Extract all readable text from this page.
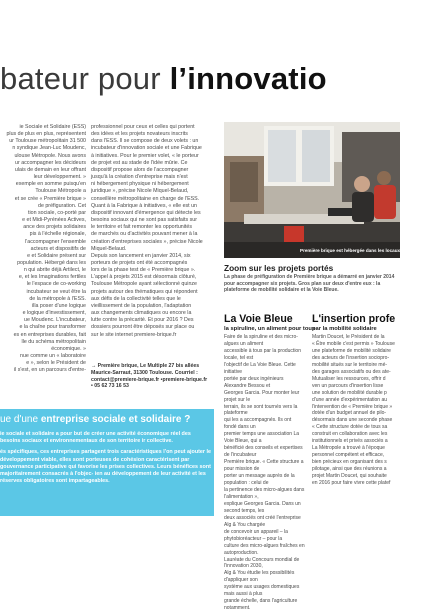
bateur pour l’innovatio

ie Sociale et Solidaire (ESS)

plus de plus en plus, représentent

ur Toulouse métropolitain 31 500

n syndique Jean-Luc Moudenc,

ulouse Métropole. Nous avons

ur accompagner les décideurs

ulais de demain en leur offrant

leur développement. »

exemple en somme puisqu'en

Toulouse Métropole a

et se crée « Première brique »

de préfiguration. Cet

tion sociale, co-porté par

e et Midi-Pyrénées Actives,

ance des projets solidaires

pis à l'échelle régionale,

l'accompagner l'ensemble

acteurs et dispositifs de

e et Solidaire présent sur

population. Hébergé dans les

n qui abrite déjà Artilect, le

e, et les Imaginations fertiles

le l'espace de co-working

incubateur se veut être la

de la métropole à l'ESS.

illa poser d'une logique

e logique d'investissement,

ue Moudenc. L'incubateur,

e la chaîne pour transformer

es en entreprises durables, fait

lle du schéma métropolitain

économique. »

nue comme un « laboratoire

e », selon le Président de

il s'est, en un parcours d'entre-

professionnel pour ceux et celles qui portent

des idées et les projets novateurs inscrits

dans l'ESS. Il se compose de deux volets : un

incubateur d'innovation sociale et une Fabrique

à initiatives. Pour le premier volet, « le porteur

de projet est au stade de l'idée mûrie. Ce

dispositif propose alors de l'accompagner

jusqu'à la création d'entreprise mais n'est

ni hébergement physique ni hébergement

juridique », précise Nicole Miquel-Belaud,

conseillère métropolitaine en charge de l'ESS.

Quant à la Fabrique à initiatives, « elle est un

dispositif innovant d'émergence qui détecte les

besoins sociaux qui ne sont pas satisfaits sur

le territoire et fait remonter les opportunités

de marchés ou d'activités pouvant mener à la

création d'entreprises sociales », précise Nicole

Miquel-Belaud.

Depuis son lancement en janvier 2014, six

porteurs de projets ont été accompagnés

lors de la phase test de « Première brique ».

L'appel à projets 2015 est désormais clôturé,

Toulouse Métropole ayant sélectionné quinze

projets autour des thématiques qui répondent

aux défis de la collectivité telles que le

vieillissement de la population, l'adaptation

aux changements climatiques ou encore la

lutte contre la précarité. Et pour 2016 ? Des

dossiers pourront être déposés sur place ou

sur le site internet premiere-brique.fr

→ Première brique, Le Multiple 27 bis allées Maurice-Sarraut, 31300 Toulouse. Courriel : contact@premiere-brique.fr •premiere-brique.fr • 05 62 73 16 53
Première brique est hébergée dans les locaux du Multiple.
Zoom sur les projets portés
La phase de préfiguration de Première brique a démarré en janvier 2014 pour accompagner six projets. Gros plan sur deux d'entre eux : la plateforme de mobilité solidaire et la Voie Bleue.
La Voie Bleue
la spiruline, un aliment pour tous

Faire de la spiruline et des micro-algues un aliment

accessible à tous par la production locale, tel est

l'objectif de La Voie Bleue. Cette initiative

portée par deux ingénieurs Alexandre Bessou et

Georges Garcia. Pour monter leur projet sur le

terrain, ils se sont tournés vers la plateforme

qui les a accompagnés. Ils ont fondé dans un

premier temps une association La Voie Bleue, qui a

bénéficié des conseils et expertises de l'incubateur

Première brique. « Cette structure a pour mission de

porter un message auprès de la population : celui de

la pertinence des micro-algues dans l'alimentation »,

explique Georges Garcia. Dans un second temps, les

deux associés ont créé l'entreprise Alg & You chargée

de concevoir un appareil – la phytobioréacteur – pour la

culture des micro-algues fraîches en autoproduction.

Lauréate du Concours mondial de l'innovation 2030,

Alg & You étudie les possibilités d'appliquer son

système aux usages domestiques mais aussi à plus

grande échelle, dans l'agriculture notamment.

L'insertion profe
par la mobilité solidaire

Martin Doucet, le Président de la

« Être mobile c'est permis » Toulouse

une plateforme de mobilité solidaire

des acteurs de l'insertion sociopro-

mobilité situés sur le territoire mé-

des garages associatifs ou des ate-

Mutualiser les ressources, offrir d

ven un parcours d'insertion lisse

une solution de mobilité durable p

d'une année d'expérimentation au

l'intervention de « Première brique »

dotée d'un budget annuel de pilo-

désormais dans une seconde phase

« Cette structure dotée de tous sa

construit en collaboration avec les

institutionnels et privés associés a

La Métropole a trouvé à l'époque

personnel compétent et efficace,

bien précieux en organisant des s

pilotage, ainsi que des réunions a

projet Martin Doucet, qui souhaite

en 2016 pour faire vivre cette platef

ue d'une entreprise sociale et solidaire ?

ie sociale et solidaire a pour but de créer une activité économique réel des besoins sociaux et environnementaux de son territoire ir collective.

és spécifiques, ces entreprises partagent trois caractéristiques l'on peut ajouter le développement viable, elles sont porteuses de cohésion caractérisent par gouvernance participative qui favorise les prises collectives. Leurs bénéfices sont majoritairement consacrés à l'objec- ien au développement de leur activité et les réserves obligatoires sont impartageables.
